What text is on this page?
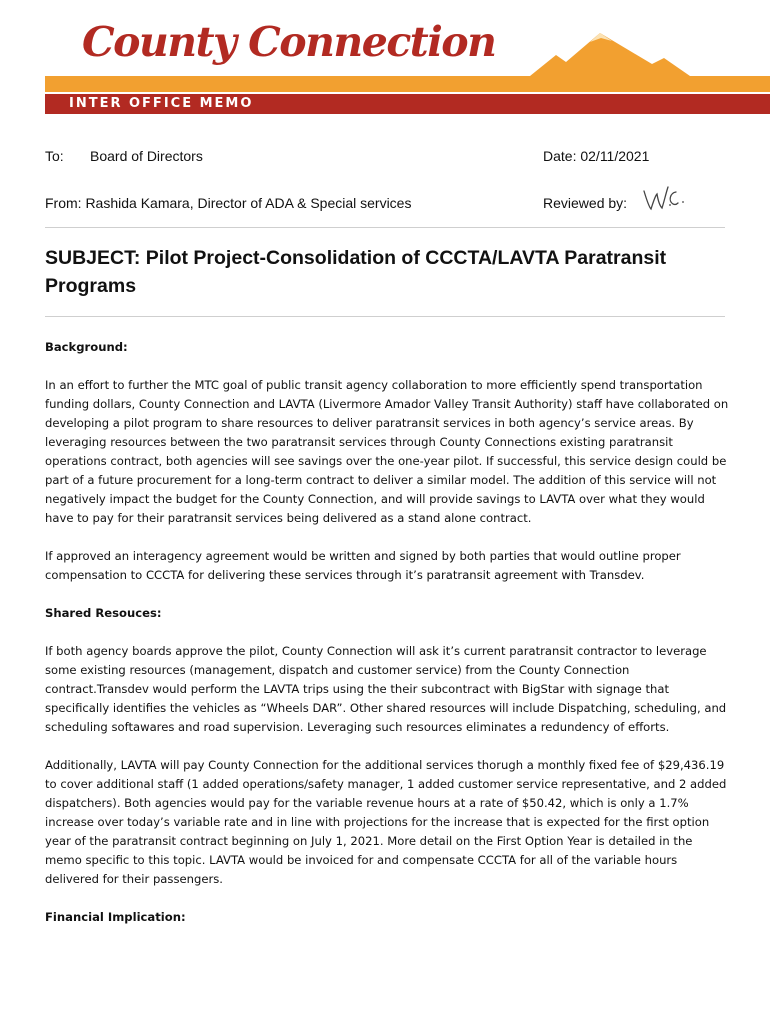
County Connection
INTER OFFICE MEMO
To: Board of Directors	Date: 02/11/2021
From: Rashida Kamara, Director of ADA & Special services	Reviewed by:
SUBJECT: Pilot Project-Consolidation of CCCTA/LAVTA Paratransit Programs
Background:

In an effort to further the MTC goal of public transit agency collaboration to more efficiently spend transportation funding dollars, County Connection and LAVTA (Livermore Amador Valley Transit Authority) staff have collaborated on developing a pilot program to share resources to deliver paratransit services in both agency’s service areas. By leveraging resources between the two paratransit services through County Connections existing paratransit operations contract, both agencies will see savings over the one-year pilot. If successful, this service design could be part of a future procurement for a long-term contract to deliver a similar model. The addition of this service will not negatively impact the budget for the County Connection, and will provide savings to LAVTA over what they would have to pay for their paratransit services being delivered as a stand alone contract.

If approved an interagency agreement would be written and signed by both parties that would outline proper compensation to CCCTA for delivering these services through it’s paratransit agreement with Transdev.

Shared Resouces:

If both agency boards approve the pilot, County Connection will ask it’s current paratransit contractor to leverage some existing resources (management, dispatch and customer service) from the County Connection contract.Transdev would perform the LAVTA trips using the their subcontract with BigStar with signage that specifically identifies the vehicles as “Wheels DAR”. Other shared resources will include Dispatching, scheduling, and scheduling softawares and road supervision. Leveraging such resources eliminates a redundency of efforts.

Additionally, LAVTA will pay County Connection for the additional services thorugh a monthly fixed fee of $29,436.19 to cover additional staff (1 added operations/safety manager, 1 added customer service representative, and 2 added dispatchers). Both agencies would pay for the variable revenue hours at a rate of $50.42, which is only a 1.7% increase over today’s variable rate and in line with projections for the increase that is expected for the first option year of the paratransit contract beginning on July 1, 2021. More detail on the First Option Year is detailed in the memo specific to this topic. LAVTA would be invoiced for and compensate CCCTA for all of the variable hours delivered for their passengers.

Financial Implication:
